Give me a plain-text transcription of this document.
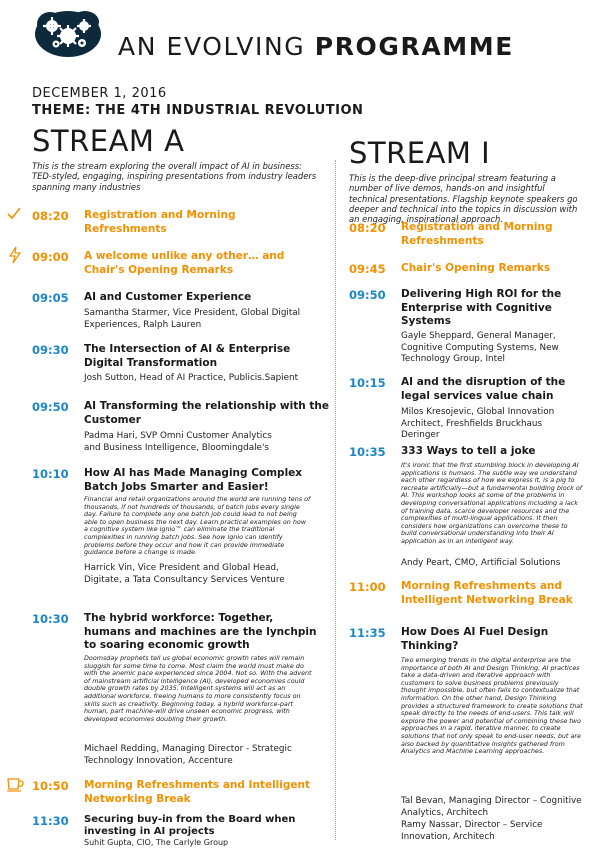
AN EVOLVING PROGRAMME
DECEMBER 1, 2016
THEME: THE 4TH INDUSTRIAL REVOLUTION
STREAM A
This is the stream exploring the overall impact of AI in business: TED-styled, engaging, inspiring presentations from industry leaders spanning many industries
08:20 Registration and Morning Refreshments
09:00 A welcome unlike any other… and Chair's Opening Remarks
09:05 AI and Customer Experience
Samantha Starmer, Vice President, Global Digital Experiences, Ralph Lauren
09:30 The Intersection of AI & Enterprise Digital Transformation
Josh Sutton, Head of AI Practice, Publicis.Sapient
09:50 AI Transforming the relationship with the Customer
Padma Hari, SVP Omni Customer Analytics and Business Intelligence, Bloomingdale's
10:10 How AI has Made Managing Complex Batch Jobs Smarter and Easier!
Financial and retail organizations around the world are running tens of thousands, if not hundreds of thousands, of batch jobs every single day. Failure to complete any one batch job could lead to not being able to open business the next day. Learn practical examples on how a cognitive system like ignio™ can eliminate the traditional complexities in running batch jobs. See how ignio can identify problems before they occur and how it can provide immediate guidance before a change is made.
Harrick Vin, Vice President and Global Head, Digitate, a Tata Consultancy Services Venture
10:30 The hybrid workforce: Together, humans and machines are the lynchpin to soaring economic growth
Doomsday prophets tell us global economic growth rates will remain sluggish for some time to come. Most claim the world must make do with the anemic pace experienced since 2004. Not so. With the advent of mainstream artificial intelligence (AI), developed economies could double growth rates by 2035. Intelligent systems will act as an additional workforce, freeing humans to more consistently focus on skills such as creativity. Beginning today, a hybrid workforce-part human, part machine-will drive unseen economic progress, with developed economies doubling their growth.
Michael Redding, Managing Director - Strategic Technology Innovation, Accenture
10:50 Morning Refreshments and Intelligent Networking Break
11:30 Securing buy-in from the Board when investing in AI projects
Suhit Gupta, CIO, The Carlyle Group
STREAM I
This is the deep-dive principal stream featuring a number of live demos, hands-on and insightful technical presentations. Flagship keynote speakers go deeper and technical into the topics in discussion with an engaging, inspirational approach.
08:20 Registration and Morning Refreshments
09:45 Chair's Opening Remarks
09:50 Delivering High ROI for the Enterprise with Cognitive Systems
Gayle Sheppard, General Manager, Cognitive Computing Systems, New Technology Group, Intel
10:15 AI and the disruption of the legal services value chain
Milos Kresojevic, Global Innovation Architect, Freshfields Bruckhaus Deringer
10:35 333 Ways to tell a joke
It's ironic that the first stumbling block in developing AI applications is humans. The subtle way we understand each other regardless of how we express it, is a pig to recreate artificially—but a fundamental building block of AI. This workshop looks at some of the problems in developing conversational applications including a lack of training data, scarce developer resources and the complexities of multi-lingual applications. It then considers how organizations can overcome these to build conversational understanding into their AI application as in an intelligent way.
Andy Peart, CMO, Artificial Solutions
11:00 Morning Refreshments and Intelligent Networking Break
11:35 How Does AI Fuel Design Thinking?
Two emerging trends in the digital enterprise are the importance of both AI and Design Thinking. AI practices take a data-driven and iterative approach with customers to solve business problems previously thought impossible, but often fails to contextualize that information. On the other hand, Design Thinking provides a structured framework to create solutions that speak directly to the needs of end-users. This talk will explore the power and potential of combining these two approaches in a rapid, iterative manner, to create solutions that not only speak to end-user needs, but are also backed by quantitative insights gathered from Analytics and Machine Learning approaches.
Tal Bevan, Managing Director – Cognitive Analytics, Architech
Ramy Nassar, Director – Service Innovation, Architech
